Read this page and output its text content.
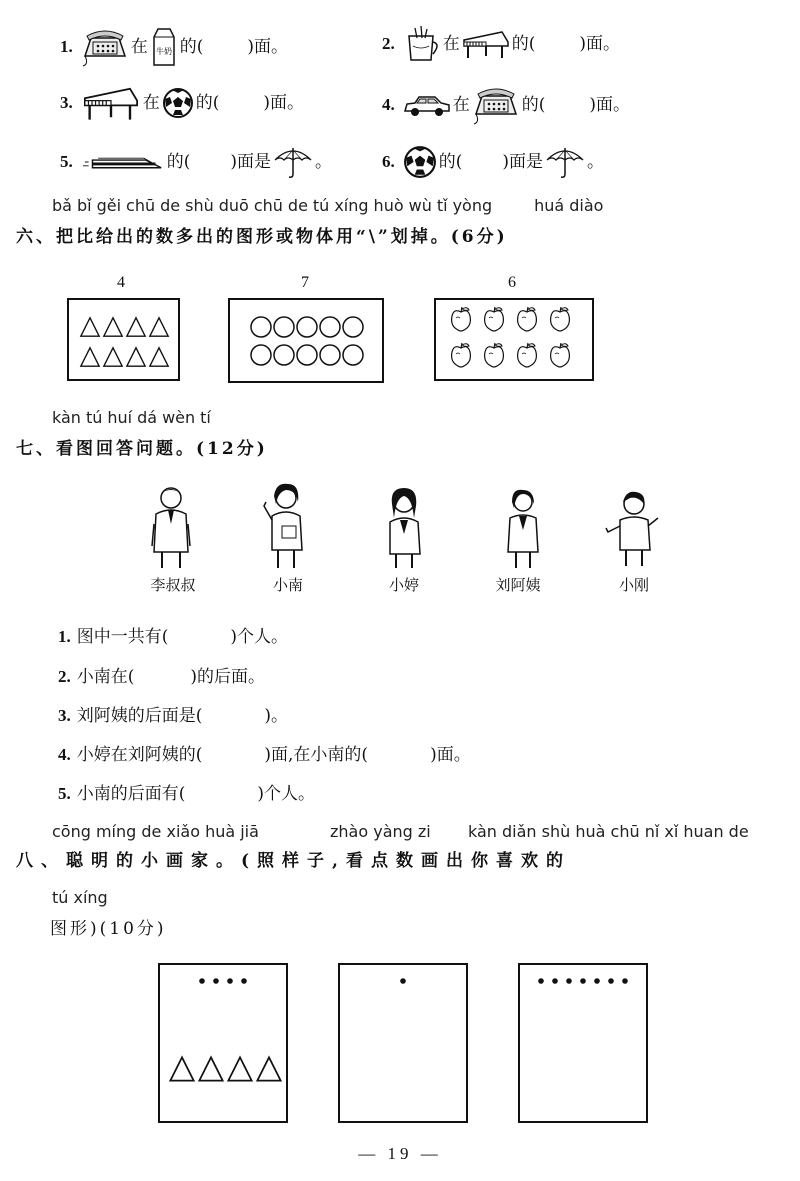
1.	在 牛奶 的(	)面。	2.	在	的(	)面。
3.	在 的(	)面。	4.	在	的(	)面。
5.	的( )面是	。	6.	的( )面是	。
bǎ bǐ gěi chū de shù duō chū de tú xíng huò wù tǐ yòng	huá diào
六、把比给出的数多出的图形或物体用“\”划掉。(6分)
4	7	6
kàn tú huí dá wèn tí
七、看图回答问题。(12分)
李叔叔	小南	小婷	刘阿姨	小刚
1. 图中一共有(	)个人。
2. 小南在(	)的后面。
3. 刘阿姨的后面是(	)。
4. 小婷在刘阿姨的(	)面,在小南的(	)面。
5. 小南的后面有(	)个人。
cōng míng de xiǎo huà jiā	zhào yàng zi kàn diǎn shù huà chū nǐ xǐ huan de
八、聪明的小画家。(照样子,看点数画出你喜欢的
tú xíng
图形)(10分)
— 19 —
